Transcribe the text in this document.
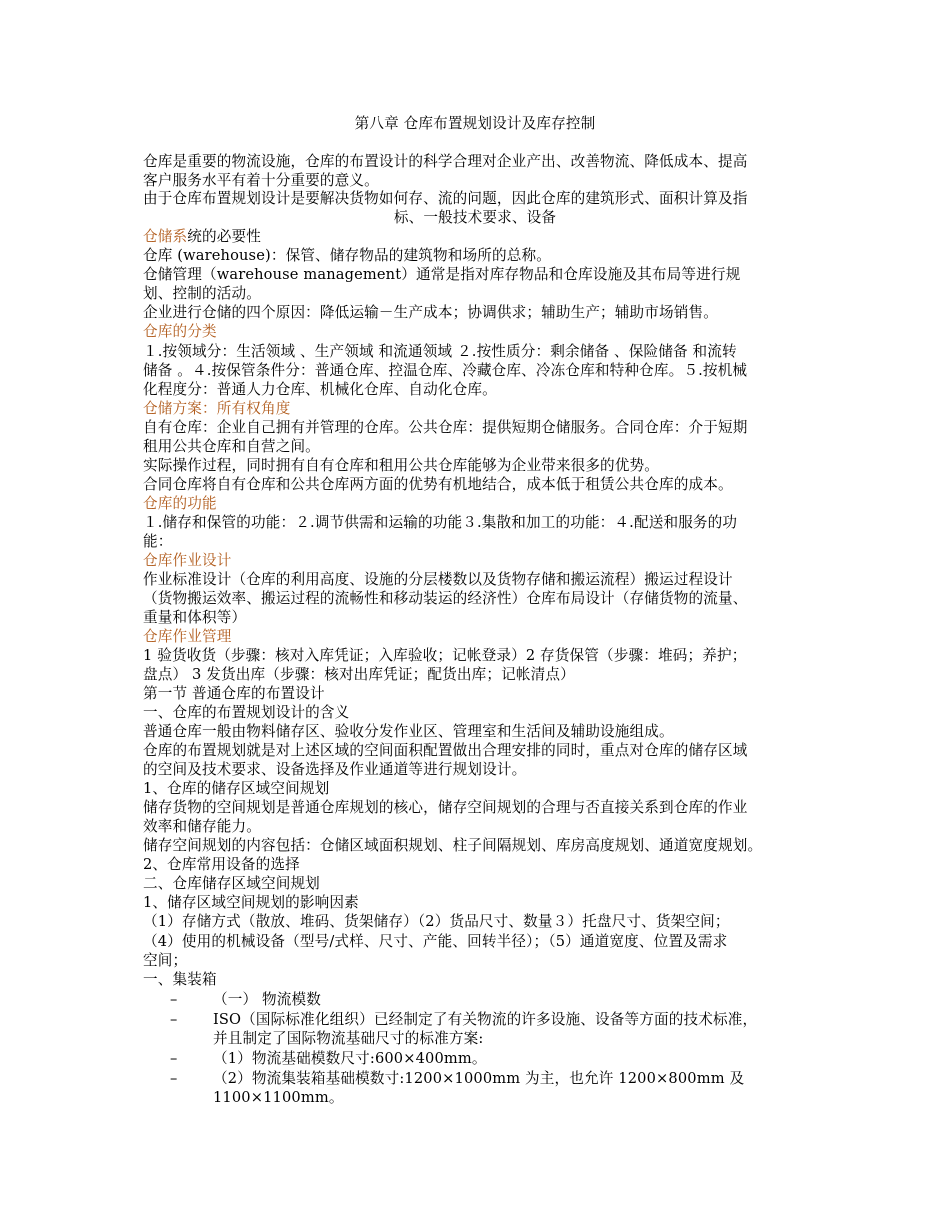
第八章 仓库布置规划设计及库存控制
仓库是重要的物流设施，仓库的布置设计的科学合理对企业产出、改善物流、降低成本、提高
客户服务水平有着十分重要的意义。
由于仓库布置规划设计是要解决货物如何存、流的问题，因此仓库的建筑形式、面积计算及指
标、一般技术要求、设备
仓储系统的必要性
仓库 (warehouse)：保管、储存物品的建筑物和场所的总称。
仓储管理（warehouse management）通常是指对库存物品和仓库设施及其布局等进行规
划、控制的活动。
企业进行仓储的四个原因：降低运输－生产成本；协调供求；辅助生产；辅助市场销售。
仓库的分类
１.按领域分：生活领域 、生产领域 和流通领域 ２.按性质分：剩余储备 、保险储备 和流转
储备 。４.按保管条件分：普通仓库、控温仓库、冷藏仓库、冷冻仓库和特种仓库。５.按机械
化程度分：普通人力仓库、机械化仓库、自动化仓库。
仓储方案：所有权角度
自有仓库：企业自己拥有并管理的仓库。公共仓库：提供短期仓储服务。合同仓库：介于短期
租用公共仓库和自营之间。
实际操作过程，同时拥有自有仓库和租用公共仓库能够为企业带来很多的优势。
合同仓库将自有仓库和公共仓库两方面的优势有机地结合，成本低于租赁公共仓库的成本。
仓库的功能
１.储存和保管的功能：２.调节供需和运输的功能３.集散和加工的功能：４.配送和服务的功
能：
仓库作业设计
作业标准设计（仓库的利用高度、设施的分层楼数以及货物存储和搬运流程）搬运过程设计
（货物搬运效率、搬运过程的流畅性和移动装运的经济性）仓库布局设计（存储货物的流量、
重量和体积等）
仓库作业管理
1 验货收货（步骤：核对入库凭证；入库验收；记帐登录）2 存货保管（步骤：堆码；养护；
盘点） 3 发货出库（步骤：核对出库凭证；配货出库；记帐清点）
第一节 普通仓库的布置设计
一、仓库的布置规划设计的含义
普通仓库一般由物料储存区、验收分发作业区、管理室和生活间及辅助设施组成。
仓库的布置规划就是对上述区域的空间面积配置做出合理安排的同时，重点对仓库的储存区域
的空间及技术要求、设备选择及作业通道等进行规划设计。
1、仓库的储存区域空间规划
储存货物的空间规划是普通仓库规划的核心，储存空间规划的合理与否直接关系到仓库的作业
效率和储存能力。
储存空间规划的内容包括：仓储区域面积规划、柱子间隔规划、库房高度规划、通道宽度规划。
2、仓库常用设备的选择
二、仓库储存区域空间规划
1、储存区域空间规划的影响因素
（1）存储方式（散放、堆码、货架储存）（2）货品尺寸、数量３）托盘尺寸、货架空间；
（4）使用的机械设备（型号/式样、尺寸、产能、回转半径）；（5）通道宽度、位置及需求
空间；
一、集装箱
– （一） 物流模数
– ISO（国际标准化组织）已经制定了有关物流的许多设施、设备等方面的技术标准，
并且制定了国际物流基础尺寸的标准方案:
– （1）物流基础模数尺寸:600×400mm。
– （2）物流集装箱基础模数寸:1200×1000mm 为主，也允许 1200×800mm 及
1100×1100mm。
